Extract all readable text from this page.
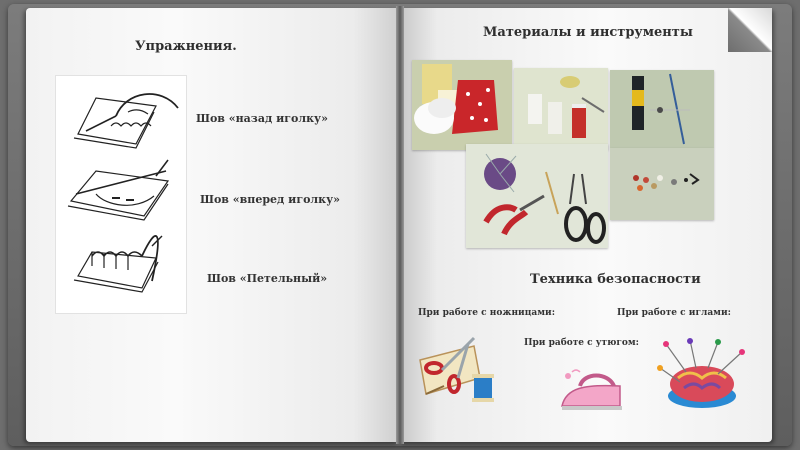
Упражнения.
Шов «назад иголку»
Шов «вперед иголку»
Шов «Петельный»
Материалы и инструменты
Техника безопасности
При работе с ножницами:	При работе с иглами:
При работе с утюгом:
